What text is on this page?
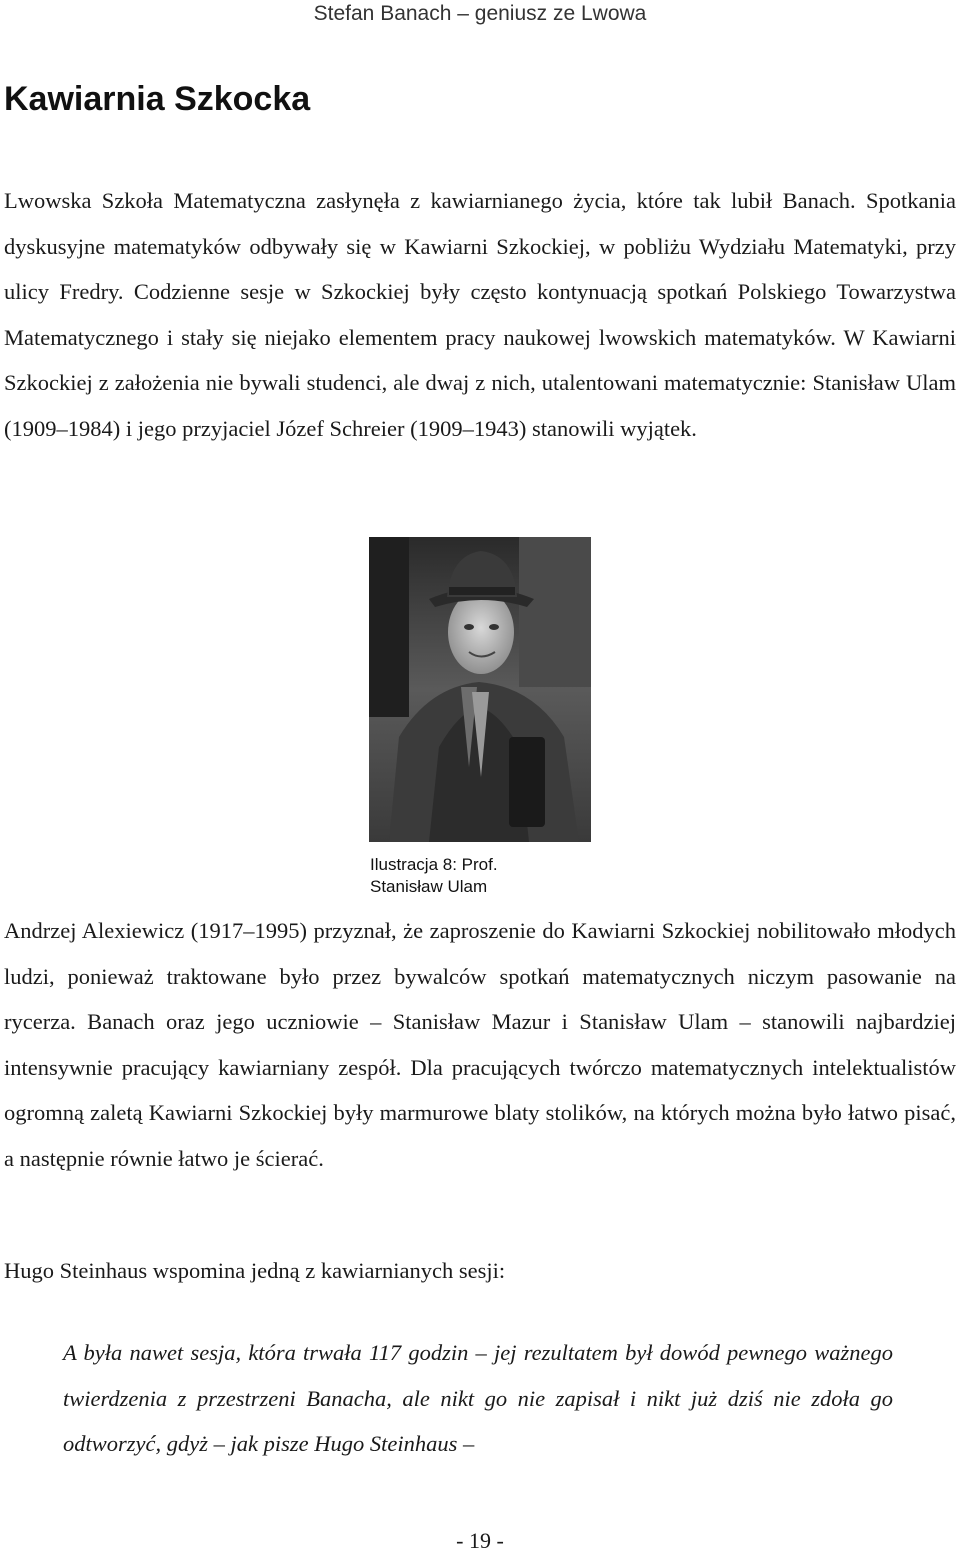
Stefan Banach – geniusz ze Lwowa
Kawiarnia Szkocka

Lwowska Szkoła Matematyczna zasłynęła z kawiarnianego życia, które tak lubił Banach. Spotkania dyskusyjne matematyków odbywały się w Kawiarni Szkockiej, w pobliżu Wydziału Matematyki, przy ulicy Fredry. Codzienne sesje w Szkockiej były często kontynuacją spotkań Polskiego Towarzystwa Matematycznego i stały się niejako elementem pracy naukowej lwowskich matematyków. W Kawiarni Szkockiej z założenia nie bywali studenci, ale dwaj z nich, utalentowani matematycznie: Stanisław Ulam (1909–1984) i jego przyjaciel Józef Schreier (1909–1943) stanowili wyjątek.

Ilustracja 8: Prof.
Stanisław Ulam

Andrzej Alexiewicz (1917–1995) przyznał, że zaproszenie do Kawiarni Szkockiej nobilitowało młodych ludzi, ponieważ traktowane było przez bywalców spotkań matematycznych niczym pasowanie na rycerza. Banach oraz jego uczniowie – Stanisław Mazur i Stanisław Ulam – stanowili najbardziej intensywnie pracujący kawiarniany zespół. Dla pracujących twórczo matematycznych intelektualistów ogromną zaletą Kawiarni Szkockiej były marmurowe blaty stolików, na których można było łatwo pisać, a następnie równie łatwo je ścierać.

Hugo Steinhaus wspomina jedną z kawiarnianych sesji:

A była nawet sesja, która trwała 117 godzin – jej rezultatem był dowód pewnego ważnego twierdzenia z przestrzeni Banacha, ale nikt go nie zapisał i nikt już dziś nie zdoła go odtworzyć, gdyż – jak pisze Hugo Steinhaus –

- 19 -
